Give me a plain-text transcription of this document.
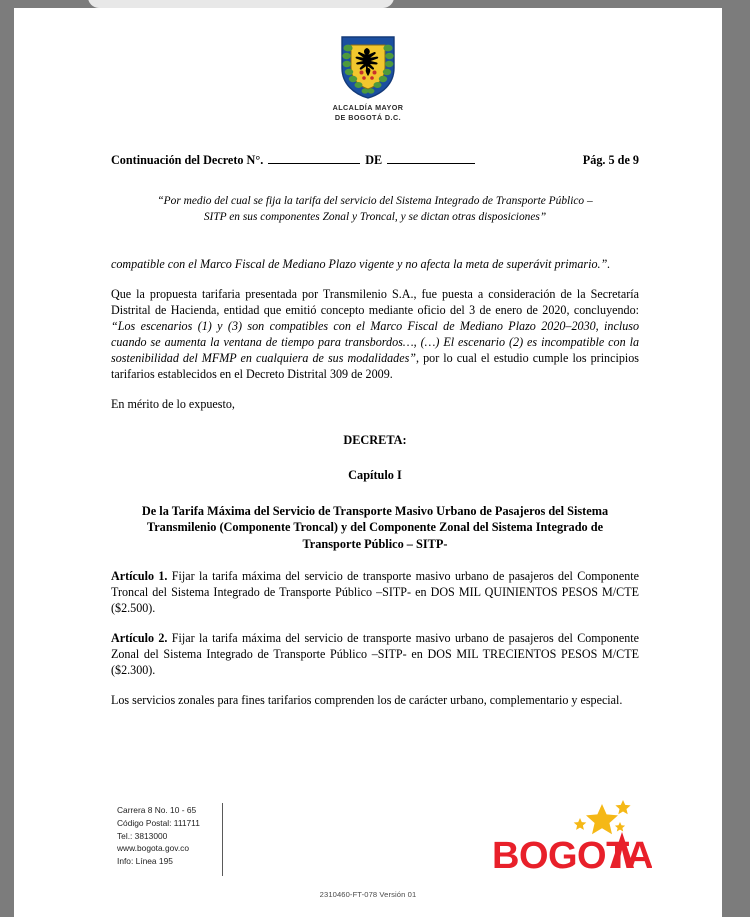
ALCALDÍA MAYOR
DE BOGOTÁ D.C.
Continuación del Decreto N°.	DE	Pág. 5 de 9
“Por medio del cual se fija la tarifa del servicio del Sistema Integrado de Transporte Público –
SITP en sus componentes Zonal y Troncal, y se dictan otras disposiciones”

compatible con el Marco Fiscal de Mediano Plazo vigente y no afecta la meta de superávit primario.”.

Que la propuesta tarifaria presentada por Transmilenio S.A., fue puesta a consideración de la Secretaría Distrital de Hacienda, entidad que emitió concepto mediante oficio del 3 de enero de 2020, concluyendo: “Los escenarios (1) y (3) son compatibles con el Marco Fiscal de Mediano Plazo 2020–2030, incluso cuando se aumenta la ventana de tiempo para transbordos…, (…) El escenario (2) es incompatible con la sostenibilidad del MFMP en cualquiera de sus modalidades”, por lo cual el estudio cumple los principios tarifarios establecidos en el Decreto Distrital 309 de 2009.

En mérito de lo expuesto,

DECRETA:
Capítulo I
De la Tarifa Máxima del Servicio de Transporte Masivo Urbano de Pasajeros del Sistema Transmilenio (Componente Troncal) y del Componente Zonal del Sistema Integrado de Transporte Público – SITP-

Artículo 1. Fijar la tarifa máxima del servicio de transporte masivo urbano de pasajeros del Componente Troncal del Sistema Integrado de Transporte Público –SITP- en DOS MIL QUINIENTOS PESOS M/CTE ($2.500).

Artículo 2. Fijar la tarifa máxima del servicio de transporte masivo urbano de pasajeros del Componente Zonal del Sistema Integrado de Transporte Público –SITP- en DOS MIL TRECIENTOS PESOS M/CTE ($2.300).

Los servicios zonales para fines tarifarios comprenden los de carácter urbano, complementario y especial.

Carrera 8 No. 10 - 65
Código Postal: 111711
Tel.: 3813000
www.bogota.gov.co
Info: Línea 195	BOGOTA
2310460-FT-078 Versión 01
